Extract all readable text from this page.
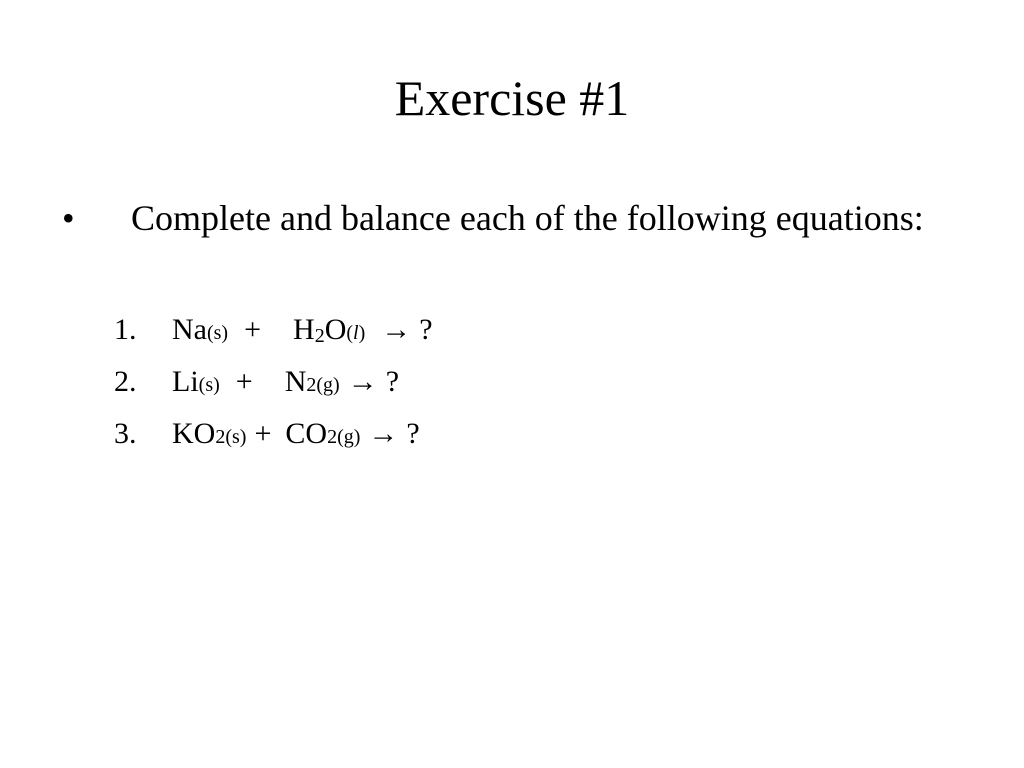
Exercise #1
• Complete and balance each of the following equations:
1. Na(s) + H2O(l) → ?
2. Li(s) + N2(g) → ?
3. KO2(s) + CO2(g) → ?
